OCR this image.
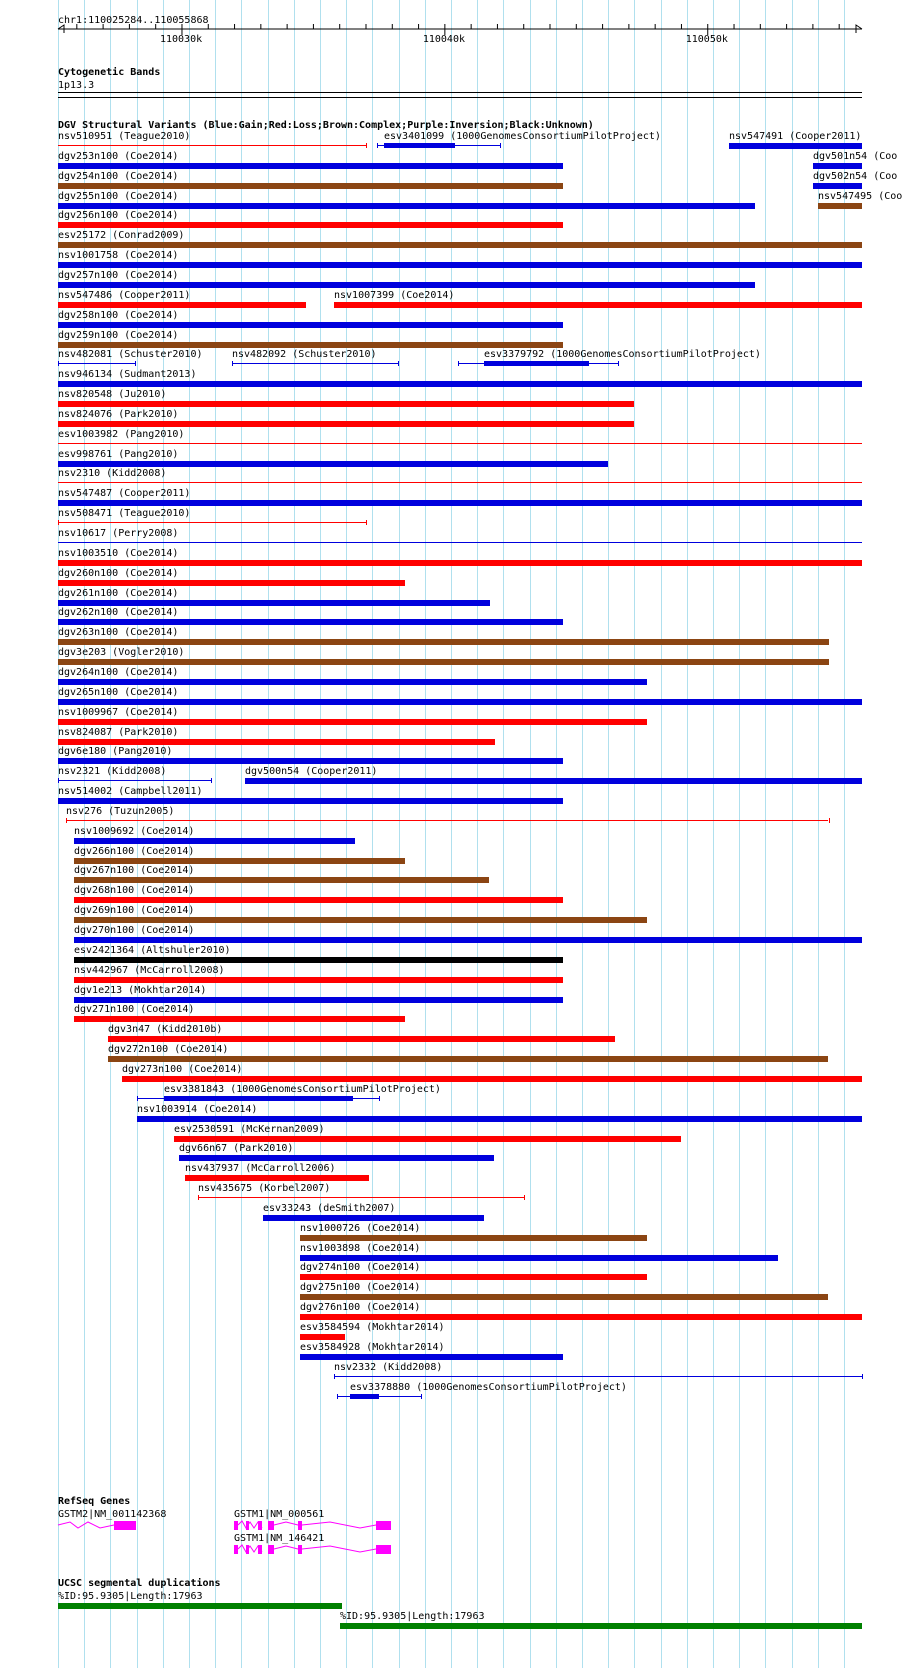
chr1:110025284..110055868
110030k	110040k	110050k
Cytogenetic Bands
1p13.3
DGV Structural Variants (Blue:Gain;Red:Loss;Brown:Complex;Purple:Inversion;Black:Unknown)
nsv510951 (Teague2010)	esv3401099 (1000GenomesConsortiumPilotProject)	nsv547491 (Cooper2011)
dgv253n100 (Coe2014)	dgv501n54 (Coo
dgv254n100 (Coe2014)	dgv502n54 (Coo
dgv255n100 (Coe2014)	nsv547495 (Coo
dgv256n100 (Coe2014)
esv25172 (Conrad2009)
nsv1001758 (Coe2014)
dgv257n100 (Coe2014)
nsv547486 (Cooper2011)	nsv1007399 (Coe2014)
dgv258n100 (Coe2014)
dgv259n100 (Coe2014)
nsv482081 (Schuster2010)	nsv482092 (Schuster2010)	esv3379792 (1000GenomesConsortiumPilotProject)
nsv946134 (Sudmant2013)
nsv820548 (Ju2010)
nsv824076 (Park2010)
esv1003982 (Pang2010)
esv998761 (Pang2010)
nsv2310 (Kidd2008)
nsv547487 (Cooper2011)
nsv508471 (Teague2010)
nsv10617 (Perry2008)
nsv1003510 (Coe2014)
dgv260n100 (Coe2014)
dgv261n100 (Coe2014)
dgv262n100 (Coe2014)
dgv263n100 (Coe2014)
dgv3e203 (Vogler2010)
dgv264n100 (Coe2014)
dgv265n100 (Coe2014)
nsv1009967 (Coe2014)
nsv824087 (Park2010)
dgv6e180 (Pang2010)
nsv2321 (Kidd2008)	dgv500n54 (Cooper2011)
nsv514002 (Campbell2011)
nsv276 (Tuzun2005)
nsv1009692 (Coe2014)
dgv266n100 (Coe2014)
dgv267n100 (Coe2014)
dgv268n100 (Coe2014)
dgv269n100 (Coe2014)
dgv270n100 (Coe2014)
esv2421364 (Altshuler2010)
nsv442967 (McCarroll2008)
dgv1e213 (Mokhtar2014)
dgv271n100 (Coe2014)
dgv3n47 (Kidd2010b)
dgv272n100 (Coe2014)
dgv273n100 (Coe2014)
esv3381843 (1000GenomesConsortiumPilotProject)
nsv1003914 (Coe2014)
esv2530591 (McKernan2009)
dgv66n67 (Park2010)
nsv437937 (McCarroll2006)
nsv435675 (Korbel2007)
esv33243 (deSmith2007)
nsv1000726 (Coe2014)
nsv1003898 (Coe2014)
dgv274n100 (Coe2014)
dgv275n100 (Coe2014)
dgv276n100 (Coe2014)
esv3584594 (Mokhtar2014)
esv3584928 (Mokhtar2014)
nsv2332 (Kidd2008)
esv3378880 (1000GenomesConsortiumPilotProject)
RefSeq Genes
GSTM2|NM_001142368	GSTM1|NM_000561
GSTM1|NM_146421
UCSC segmental duplications
%ID:95.9305|Length:17963
%ID:95.9305|Length:17963
